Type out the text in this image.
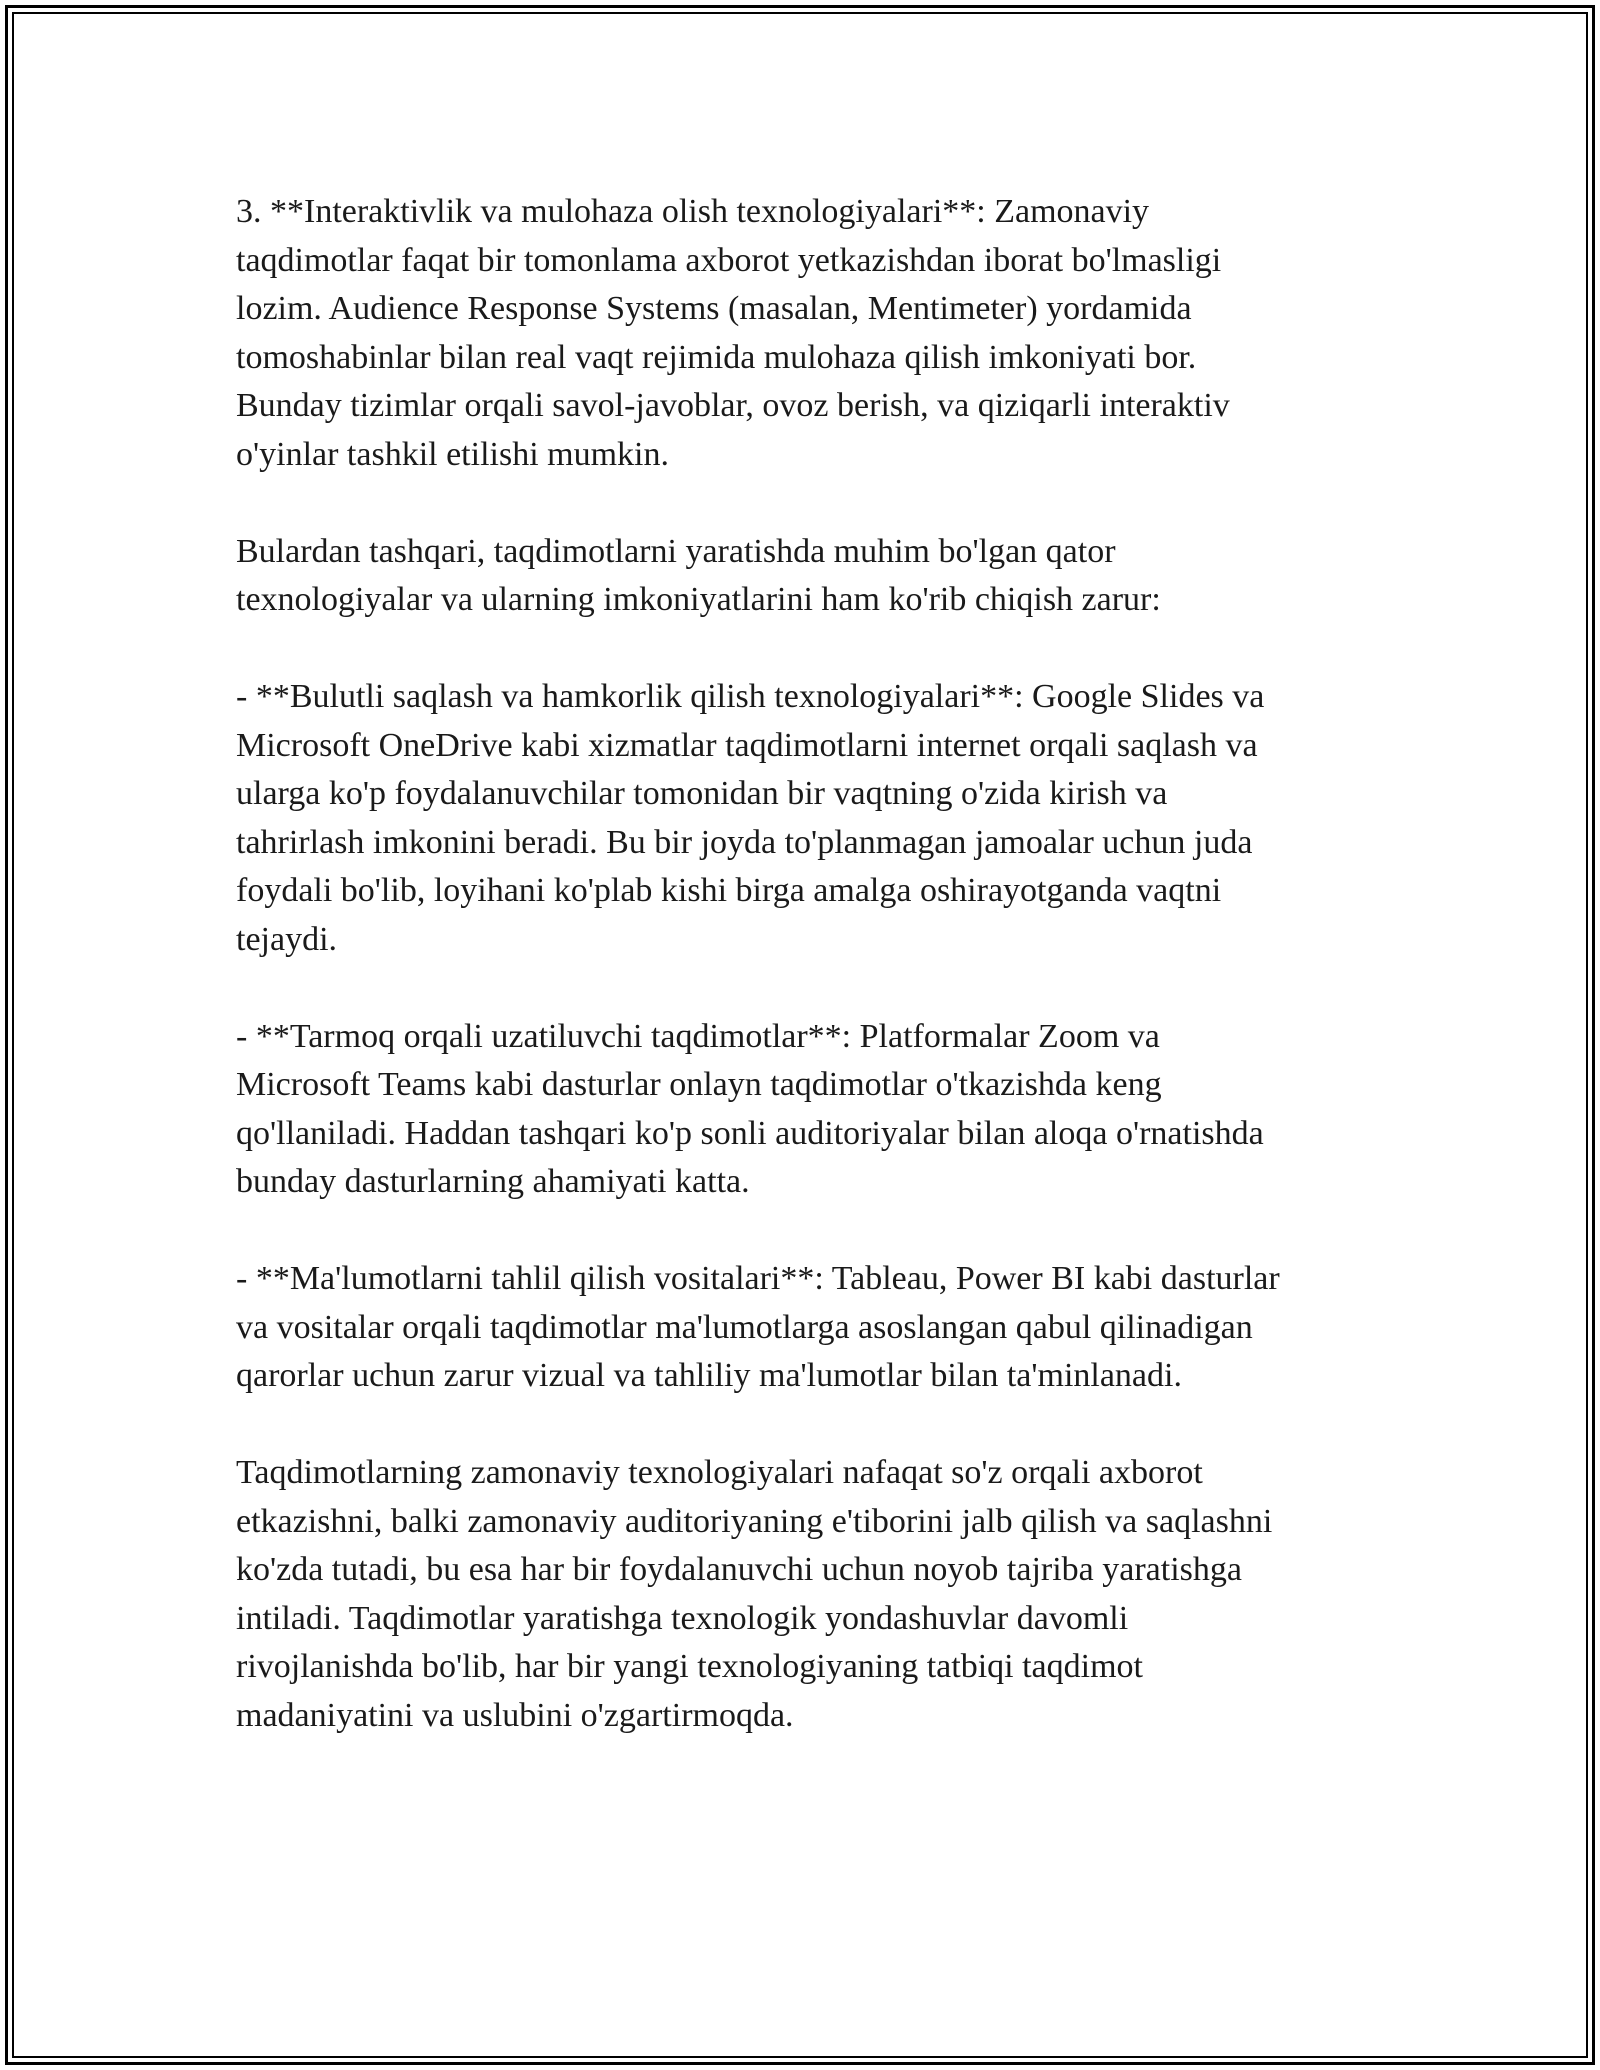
3. **Interaktivlik va mulohaza olish texnologiyalari**: Zamonaviy
taqdimotlar faqat bir tomonlama axborot yetkazishdan iborat bo'lmasligi
lozim. Audience Response Systems (masalan, Mentimeter) yordamida
tomoshabinlar bilan real vaqt rejimida mulohaza qilish imkoniyati bor.
Bunday tizimlar orqali savol-javoblar, ovoz berish, va qiziqarli interaktiv
o'yinlar tashkil etilishi mumkin.

Bulardan tashqari, taqdimotlarni yaratishda muhim bo'lgan qator
texnologiyalar va ularning imkoniyatlarini ham ko'rib chiqish zarur:

- **Bulutli saqlash va hamkorlik qilish texnologiyalari**: Google Slides va
Microsoft OneDrive kabi xizmatlar taqdimotlarni internet orqali saqlash va
ularga ko'p foydalanuvchilar tomonidan bir vaqtning o'zida kirish va
tahrirlash imkonini beradi. Bu bir joyda to'planmagan jamoalar uchun juda
foydali bo'lib, loyihani ko'plab kishi birga amalga oshirayotganda vaqtni
tejaydi.

- **Tarmoq orqali uzatiluvchi taqdimotlar**: Platformalar Zoom va
Microsoft Teams kabi dasturlar onlayn taqdimotlar o'tkazishda keng
qo'llaniladi. Haddan tashqari ko'p sonli auditoriyalar bilan aloqa o'rnatishda
bunday dasturlarning ahamiyati katta.

- **Ma'lumotlarni tahlil qilish vositalari**: Tableau, Power BI kabi dasturlar
va vositalar orqali taqdimotlar ma'lumotlarga asoslangan qabul qilinadigan
qarorlar uchun zarur vizual va tahliliy ma'lumotlar bilan ta'minlanadi.

Taqdimotlarning zamonaviy texnologiyalari nafaqat so'z orqali axborot
etkazishni, balki zamonaviy auditoriyaning e'tiborini jalb qilish va saqlashni
ko'zda tutadi, bu esa har bir foydalanuvchi uchun noyob tajriba yaratishga
intiladi. Taqdimotlar yaratishga texnologik yondashuvlar davomli
rivojlanishda bo'lib, har bir yangi texnologiyaning tatbiqi taqdimot
madaniyatini va uslubini o'zgartirmoqda.
